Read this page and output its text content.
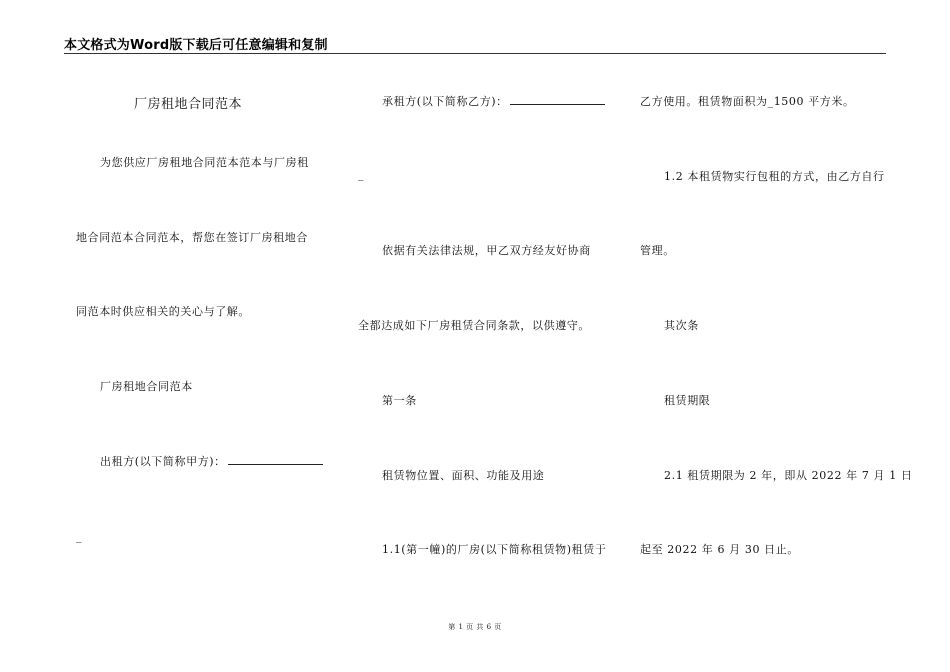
本文格式为Word版下载后可任意编辑和复制
厂房租地合同范本
为您供应厂房租地合同范本范本与厂房租
地合同范本合同范本，帮您在签订厂房租地合
同范本时供应相关的关心与了解。
厂房租地合同范本
出租方(以下简称甲方)：
_
承租方(以下简称乙方)：
_
依据有关法律法规，甲乙双方经友好协商
全都达成如下厂房租赁合同条款，以供遵守。
第一条
租赁物位置、面积、功能及用途
1.1(第一幢)的厂房(以下简称租赁物)租赁于
乙方使用。租赁物面积为_1500 平方米。
1.2 本租赁物实行包租的方式，由乙方自行
管理。
其次条
租赁期限
2.1 租赁期限为 2 年，即从 2022 年 7 月 1 日
起至 2022 年 6 月 30 日止。
第 1 页 共 6 页
